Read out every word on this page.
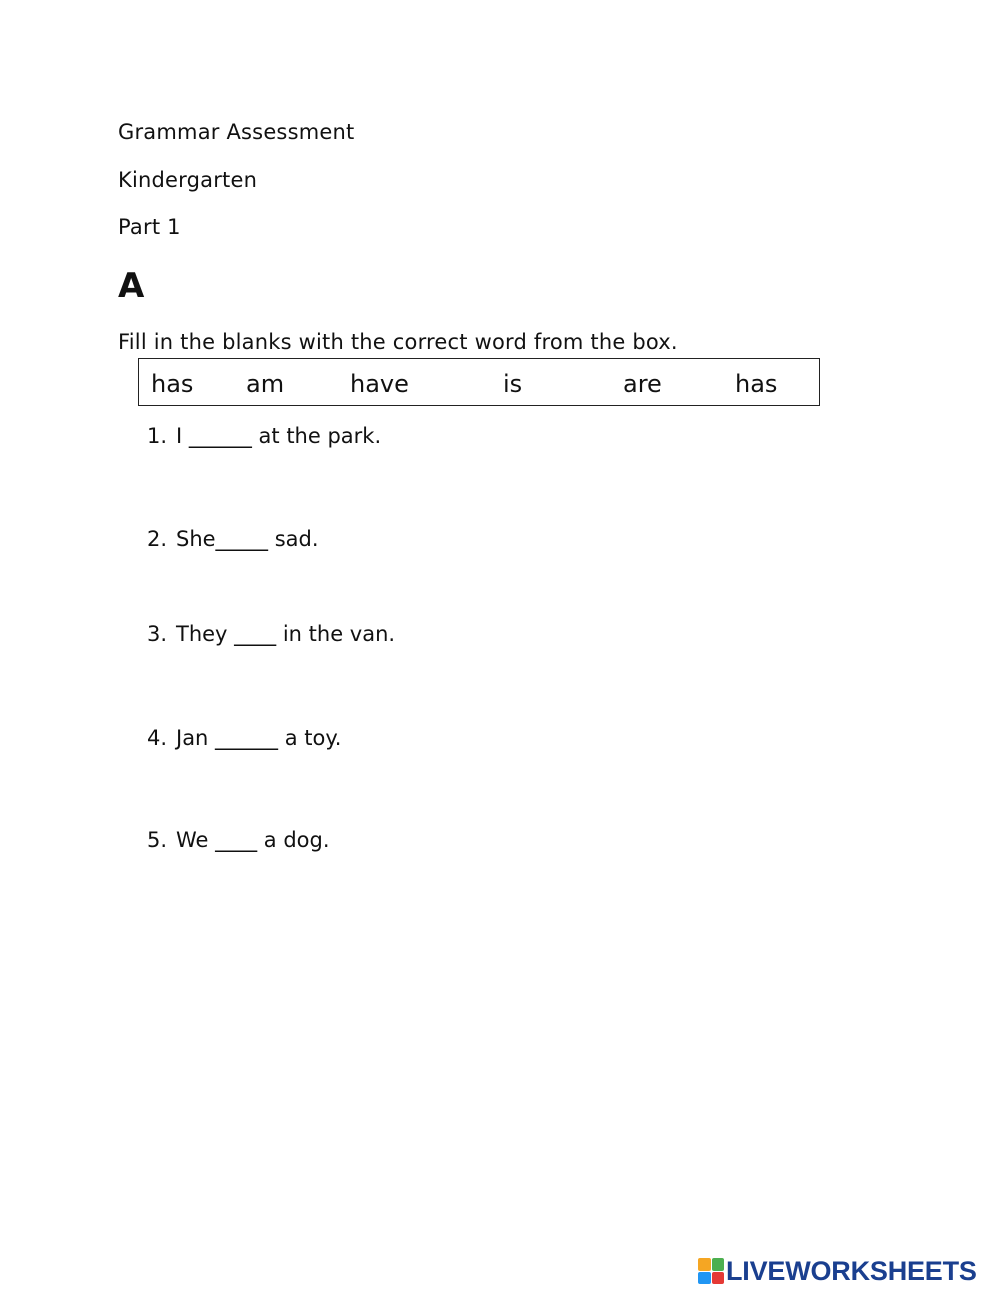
Grammar Assessment
Kindergarten
Part 1
A
Fill in the blanks with the correct word from the box.
has am	have	is	are	has
1. I ______ at the park.
2. She_____ sad.
3. They ____ in the van.
4. Jan ______ a toy.
5. We ____ a dog.
LIVEWORKSHEETS
